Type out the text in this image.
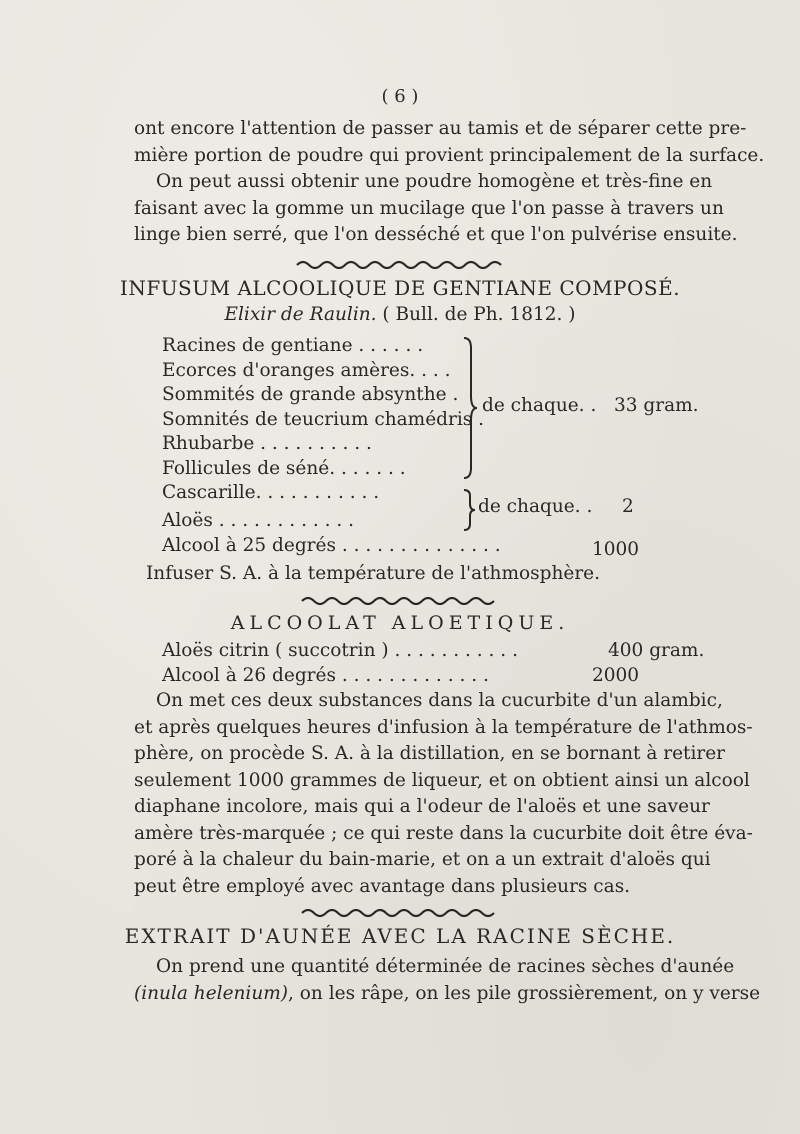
( 6 )
ont encore l'attention de passer au tamis et de séparer cette pre-
mière portion de poudre qui provient principalement de la surface.
On peut aussi obtenir une poudre homogène et très-fine en
faisant avec la gomme un mucilage que l'on passe à travers un
linge bien serré, que l'on desséché et que l'on pulvérise ensuite.
INFUSUM ALCOOLIQUE DE GENTIANE COMPOSÉ.
Elixir de Raulin. ( Bull. de Ph. 1812. )
Racines de gentiane . . . . . .
Ecorces d'oranges amères. . . .
Sommités de grande absynthe .
Somnités de teucrium chamédris .
Rhubarbe . . . . . . . . . .
Follicules de séné. . . . . . .
Cascarille. . . . . . . . . . .
Aloës . . . . . . . . . . . .
Alcool à 25 degrés . . . . . . . . . . . . . .
de chaque. . 33 gram.
de chaque. . 2
1000
Infuser S. A. à la température de l'athmosphère.
ALCOOLAT ALOETIQUE.
Aloës citrin ( succotrin ) . . . . . . . . . . .	400 gram.
Alcool à 26 degrés . . . . . . . . . . . . .	2000
On met ces deux substances dans la cucurbite d'un alambic,
et après quelques heures d'infusion à la température de l'athmos-
phère, on procède S. A. à la distillation, en se bornant à retirer
seulement 1000 grammes de liqueur, et on obtient ainsi un alcool
diaphane incolore, mais qui a l'odeur de l'aloës et une saveur
amère très-marquée ; ce qui reste dans la cucurbite doit être éva-
poré à la chaleur du bain-marie, et on a un extrait d'aloës qui
peut être employé avec avantage dans plusieurs cas.
EXTRAIT D'AUNÉE AVEC LA RACINE SÈCHE.
On prend une quantité déterminée de racines sèches d'aunée
(inula helenium), on les râpe, on les pile grossièrement, on y verse
